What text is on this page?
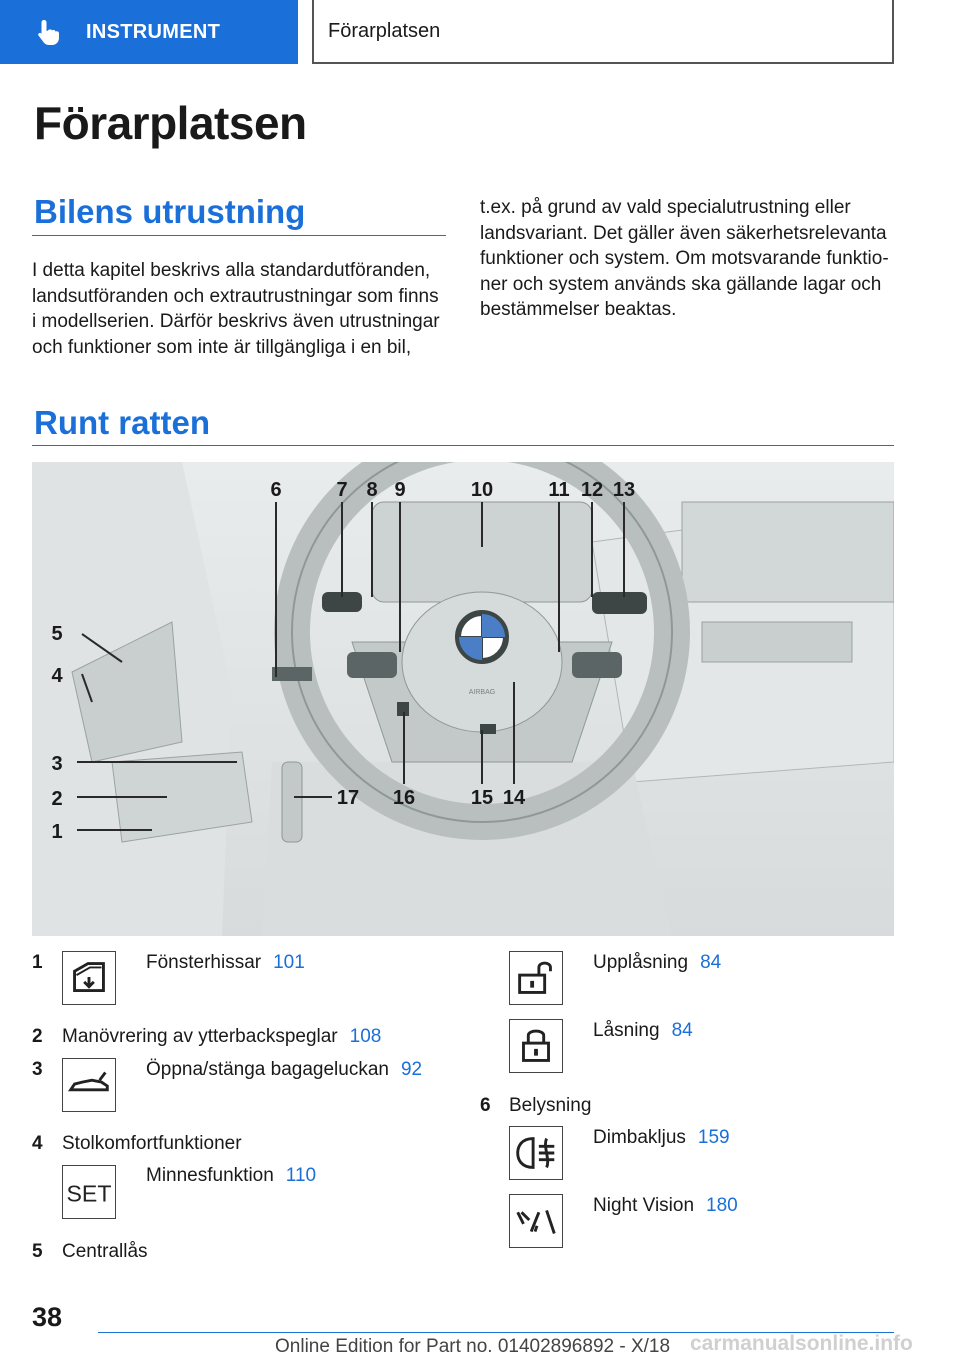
INSTRUMENT	Förarplatsen
Förarplatsen
Bilens utrustning
I detta kapitel beskrivs alla standardutföranden,
landsutföranden och extrautrustningar som finns
i modellserien. Därför beskrivs även utrustningar
och funktioner som inte är tillgängliga i en bil,
t.ex. på grund av vald specialutrustning eller
landsvariant. Det gäller även säkerhetsrelevanta
funktioner och system. Om motsvarande funktio‐
ner och system används ska gällande lagar och
bestämmelser beaktas.
Runt ratten
AIRBAG
6	7 8 9	10	11 12 13
5
4
3
2
1
14
15
16
17
1	Fönsterhissar 101
2 Manövrering av ytterbackspeglar 108
3	Öppna/stänga bagageluckan 92
4 Stolkomfortfunktioner
SET
Minnesfunktion 110
5 Centrallås
Upplåsning 84
Låsning 84
6 Belysning
Dimbakljus 159
Night Vision 180
38
Online Edition for Part no. 01402896892 - X/18 carmanualsonline.info
